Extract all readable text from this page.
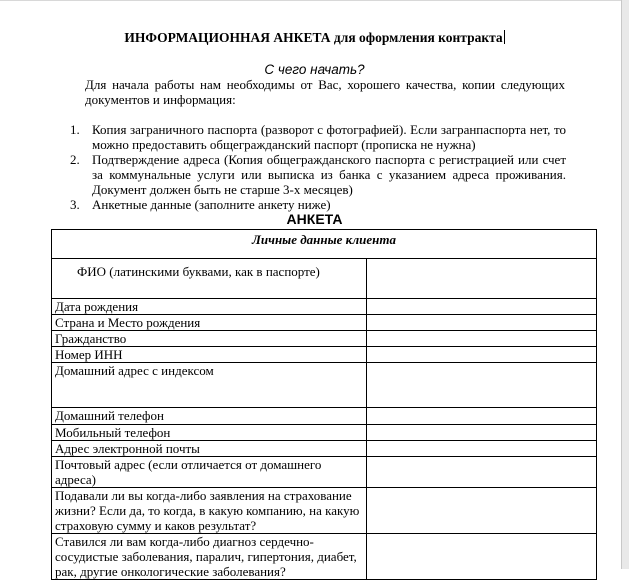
ИНФОРМАЦИОННАЯ АНКЕТА для оформления контракта
С чего начать?
Для начала работы нам необходимы от Вас, хорошего качества, копии следующих документов и информация:
1. Копия заграничного паспорта (разворот с фотографией). Если загранпаспорта нет, то можно предоставить общегражданский паспорт (прописка не нужна)
2. Подтверждение адреса (Копия общегражданского паспорта с регистрацией или счет за коммунальные услуги или выписка из банка с указанием адреса проживания. Документ должен быть не старше 3-х месяцев)
3. Анкетные данные (заполните анкету ниже)
АНКЕТА
Личные данные клиента	
ФИО (латинскими буквами, как в паспорте)	
Дата рождения	
Страна и Место рождения	
Гражданство	
Номер ИНН	
Домашний адрес с индексом	
Домашний телефон	
Мобильный телефон	
Адрес электронной почты	
Почтовый адрес (если отличается от домашнего адреса)	
Подавали ли вы когда-либо заявления на страхование жизни? Если да, то когда, в какую компанию, на какую страховую сумму и каков результат?	
Ставился ли вам когда-либо диагноз сердечно-сосудистые заболевания, паралич, гипертония, диабет, рак, другие онкологические заболевания?	
